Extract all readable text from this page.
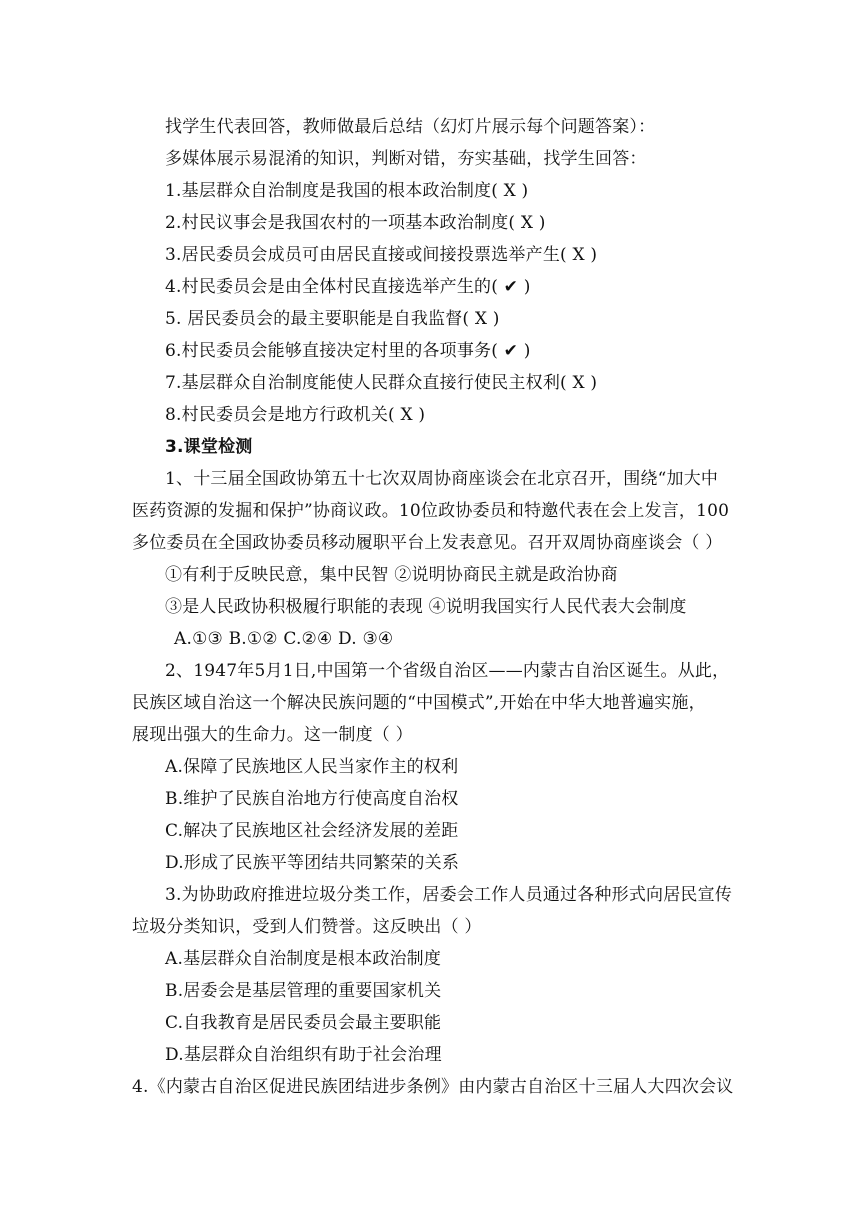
找学生代表回答，教师做最后总结（幻灯片展示每个问题答案）：
多媒体展示易混淆的知识，判断对错，夯实基础，找学生回答：
1.基层群众自治制度是我国的根本政治制度( X )
2.村民议事会是我国农村的一项基本政治制度( X )
3.居民委员会成员可由居民直接或间接投票选举产生( X )
4.村民委员会是由全体村民直接选举产生的( ✔ )
5. 居民委员会的最主要职能是自我监督( X )
6.村民委员会能够直接决定村里的各项事务( ✔ )
7.基层群众自治制度能使人民群众直接行使民主权利( X )
8.村民委员会是地方行政机关( X )
3.课堂检测
1、十三届全国政协第五十七次双周协商座谈会在北京召开，围绕“加大中
医药资源的发掘和保护”协商议政。10位政协委员和特邀代表在会上发言，100
多位委员在全国政协委员移动履职平台上发表意见。召开双周协商座谈会（ ）
①有利于反映民意，集中民智 ②说明协商民主就是政治协商
③是人民政协积极履行职能的表现 ④说明我国实行人民代表大会制度
A.①③ B.①② C.②④ D. ③④
2、1947年5月1日,中国第一个省级自治区——内蒙古自治区诞生。从此，
民族区域自治这一个解决民族问题的“中国模式”,开始在中华大地普遍实施，
展现出强大的生命力。这一制度（ ）
A.保障了民族地区人民当家作主的权利
B.维护了民族自治地方行使高度自治权
C.解决了民族地区社会经济发展的差距
D.形成了民族平等团结共同繁荣的关系
3.为协助政府推进垃圾分类工作，居委会工作人员通过各种形式向居民宣传
垃圾分类知识，受到人们赞誉。这反映出（ ）
A.基层群众自治制度是根本政治制度
B.居委会是基层管理的重要国家机关
C.自我教育是居民委员会最主要职能
D.基层群众自治组织有助于社会治理
4.《内蒙古自治区促进民族团结进步条例》由内蒙古自治区十三届人大四次会议
